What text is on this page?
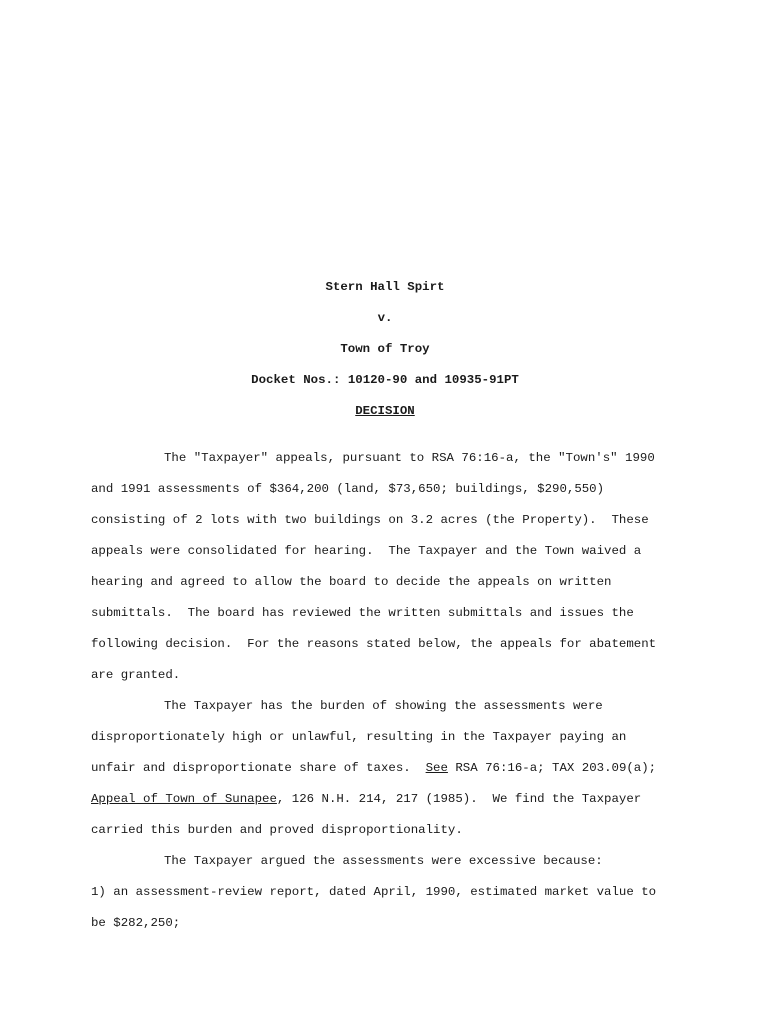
Stern Hall Spirt
v.
Town of Troy
Docket Nos.: 10120-90 and 10935-91PT
DECISION
The "Taxpayer" appeals, pursuant to RSA 76:16-a, the "Town's" 1990
and 1991 assessments of $364,200 (land, $73,650; buildings, $290,550)
consisting of 2 lots with two buildings on 3.2 acres (the Property).  These
appeals were consolidated for hearing.  The Taxpayer and the Town waived a
hearing and agreed to allow the board to decide the appeals on written
submittals.  The board has reviewed the written submittals and issues the
following decision.  For the reasons stated below, the appeals for abatement
are granted.
The Taxpayer has the burden of showing the assessments were
disproportionately high or unlawful, resulting in the Taxpayer paying an
unfair and disproportionate share of taxes.  See RSA 76:16-a; TAX 203.09(a);
Appeal of Town of Sunapee, 126 N.H. 214, 217 (1985).  We find the Taxpayer
carried this burden and proved disproportionality.
The Taxpayer argued the assessments were excessive because:
1) an assessment-review report, dated April, 1990, estimated market value to
be $282,250;
